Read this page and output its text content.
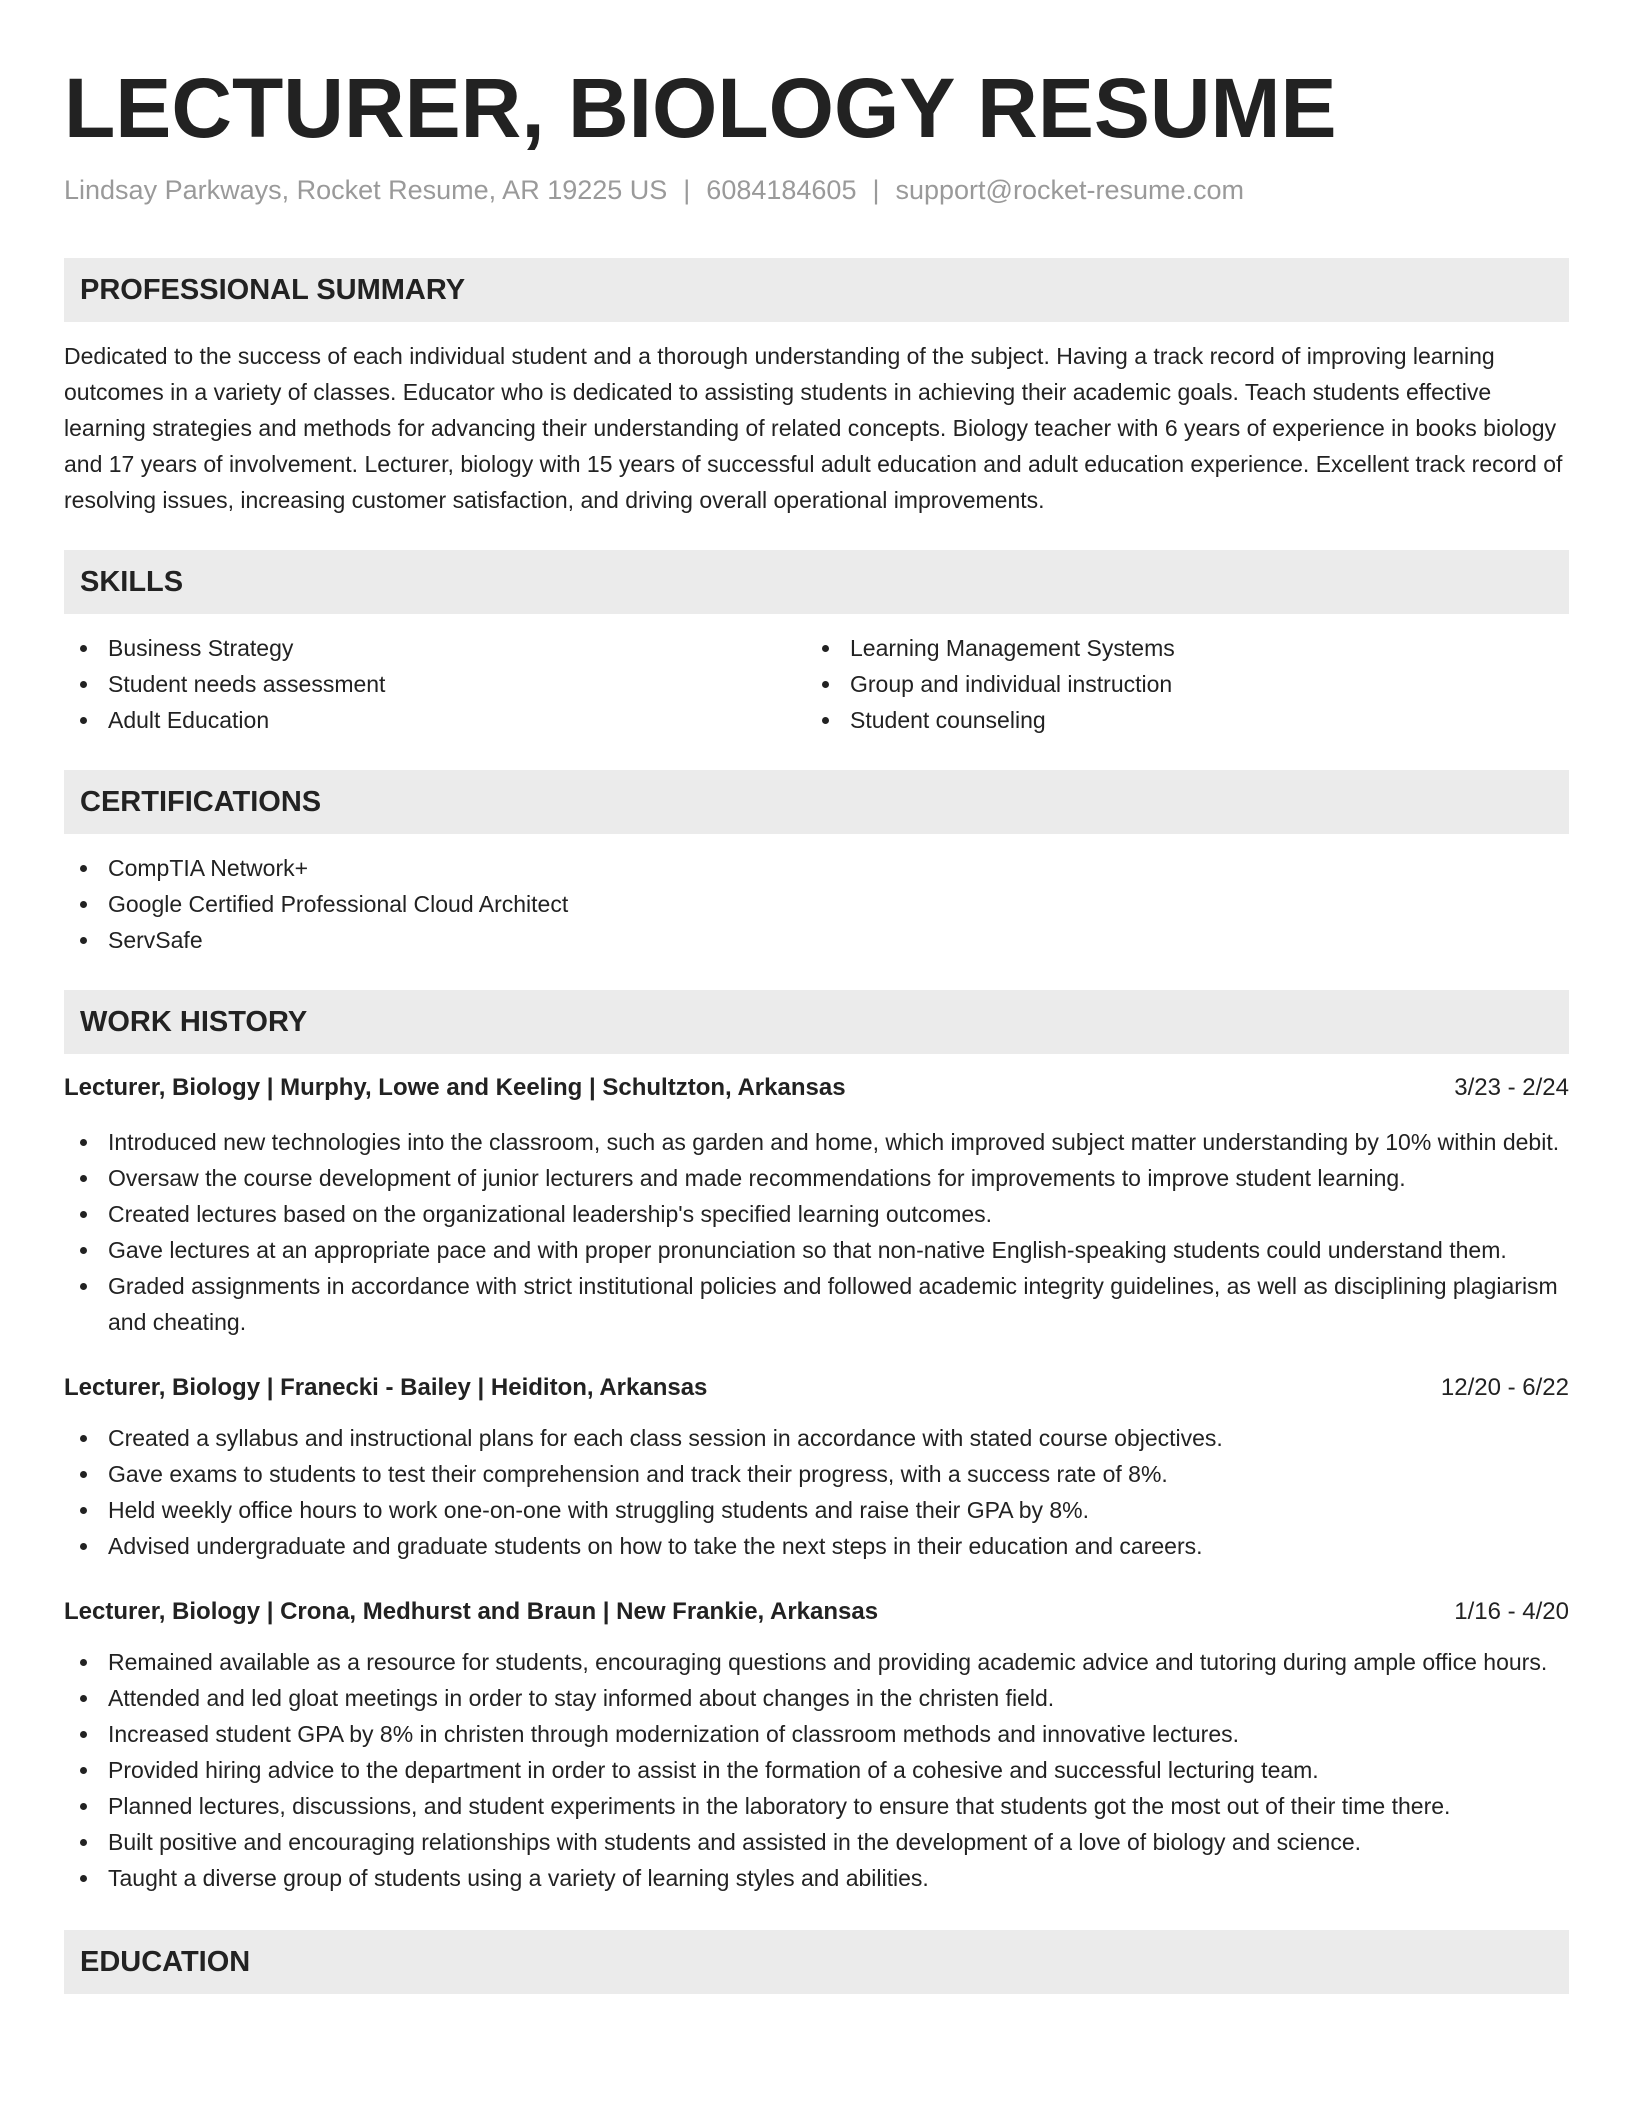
LECTURER, BIOLOGY RESUME
Lindsay Parkways, Rocket Resume, AR 19225 US | 6084184605 | support@rocket-resume.com
PROFESSIONAL SUMMARY

Dedicated to the success of each individual student and a thorough understanding of the subject. Having a track record of improving learning outcomes in a variety of classes. Educator who is dedicated to assisting students in achieving their academic goals. Teach students effective learning strategies and methods for advancing their understanding of related concepts. Biology teacher with 6 years of experience in books biology and 17 years of involvement. Lecturer, biology with 15 years of successful adult education and adult education experience. Excellent track record of resolving issues, increasing customer satisfaction, and driving overall operational improvements.

SKILLS
Business Strategy
Student needs assessment
Adult Education
Learning Management Systems
Group and individual instruction
Student counseling
CERTIFICATIONS
CompTIA Network+
Google Certified Professional Cloud Architect
ServSafe
WORK HISTORY
Lecturer, Biology | Murphy, Lowe and Keeling | Schultzton, Arkansas	3/23 - 2/24
Introduced new technologies into the classroom, such as garden and home, which improved subject matter understanding by 10% within debit.
Oversaw the course development of junior lecturers and made recommendations for improvements to improve student learning.
Created lectures based on the organizational leadership's specified learning outcomes.
Gave lectures at an appropriate pace and with proper pronunciation so that non-native English-speaking students could understand them.
Graded assignments in accordance with strict institutional policies and followed academic integrity guidelines, as well as disciplining plagiarism and cheating.
Lecturer, Biology | Franecki - Bailey | Heiditon, Arkansas	12/20 - 6/22
Created a syllabus and instructional plans for each class session in accordance with stated course objectives.
Gave exams to students to test their comprehension and track their progress, with a success rate of 8%.
Held weekly office hours to work one-on-one with struggling students and raise their GPA by 8%.
Advised undergraduate and graduate students on how to take the next steps in their education and careers.
Lecturer, Biology | Crona, Medhurst and Braun | New Frankie, Arkansas	1/16 - 4/20
Remained available as a resource for students, encouraging questions and providing academic advice and tutoring during ample office hours.
Attended and led gloat meetings in order to stay informed about changes in the christen field.
Increased student GPA by 8% in christen through modernization of classroom methods and innovative lectures.
Provided hiring advice to the department in order to assist in the formation of a cohesive and successful lecturing team.
Planned lectures, discussions, and student experiments in the laboratory to ensure that students got the most out of their time there.
Built positive and encouraging relationships with students and assisted in the development of a love of biology and science.
Taught a diverse group of students using a variety of learning styles and abilities.
EDUCATION
